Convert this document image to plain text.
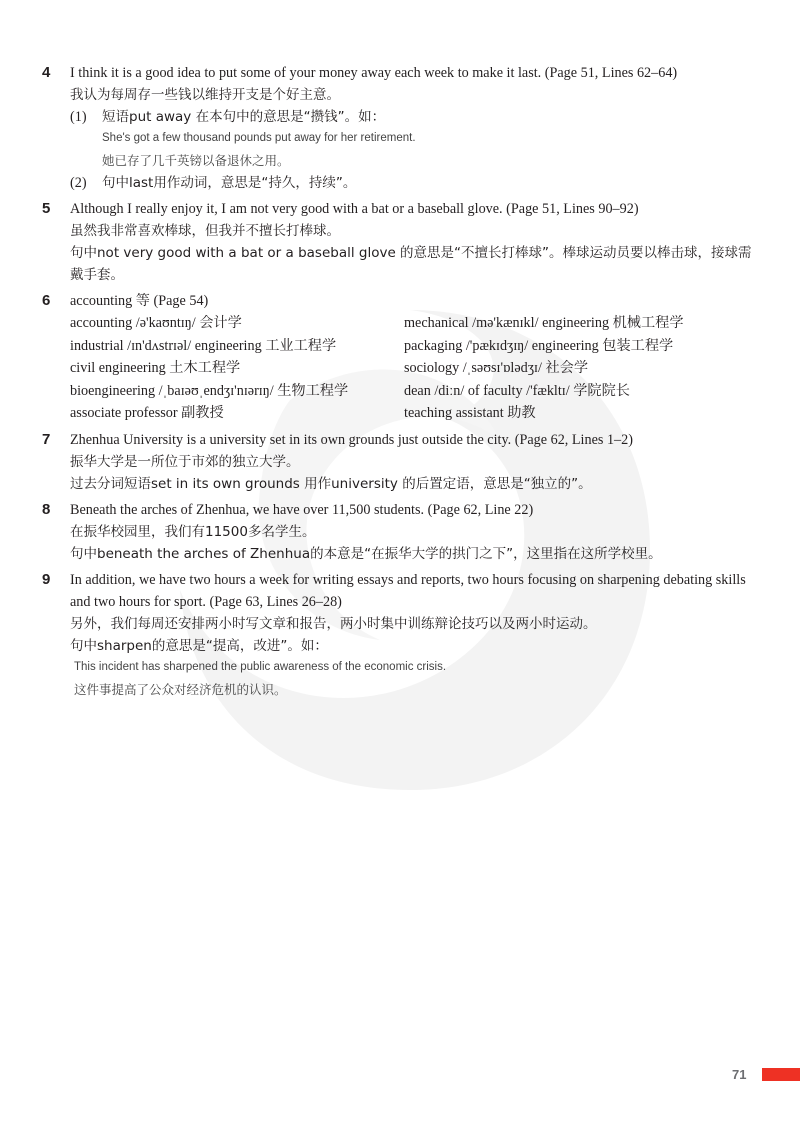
4 I think it is a good idea to put some of your money away each week to make it last. (Page 51, Lines 62–64)
我认为每周存一些钱以维持开支是个好主意。
(1) 短语put away 在本句中的意思是“攒钱”。如：
She's got a few thousand pounds put away for her retirement.
她已存了几千英镑以备退休之用。
(2) 句中last用作动词，意思是“持久，持续”。
5 Although I really enjoy it, I am not very good with a bat or a baseball glove. (Page 51, Lines 90–92)
虽然我非常喜欢棒球，但我并不擅长打棒球。
句中not very good with a bat or a baseball glove 的意思是“不擅长打棒球”。棒球运动员要以棒击球，接球需戴手套。
6 accounting 等 (Page 54)
accounting /ə'kaʊntɪŋ/ 会计学	mechanical /mə'kænɪkl/ engineering 机械工程学
industrial /ɪn'dʌstrɪəl/ engineering 工业工程学	packaging /'pækɪdʒɪŋ/ engineering 包装工程学
civil engineering 土木工程学	sociology /ˌsəʊsɪ'ɒlədʒɪ/ 社会学
bioengineering /ˌbaɪəʊˌendʒɪ'nɪərɪŋ/ 生物工程学	dean /diːn/ of faculty /'fækltɪ/ 学院院长
associate professor 副教授	teaching assistant 助教
7 Zhenhua University is a university set in its own grounds just outside the city. (Page 62, Lines 1–2)
振华大学是一所位于市郊的独立大学。
过去分词短语set in its own grounds 用作university 的后置定语，意思是“独立的”。
8 Beneath the arches of Zhenhua, we have over 11,500 students. (Page 62, Line 22)
在振华校园里，我们有11500多名学生。
句中beneath the arches of Zhenhua的本意是“在振华大学的拱门之下”，这里指在这所学校里。
9 In addition, we have two hours a week for writing essays and reports, two hours focusing on sharpening debating skills and two hours for sport. (Page 63, Lines 26–28)
另外，我们每周还安排两小时写文章和报告，两小时集中训练辩论技巧以及两小时运动。
句中sharpen的意思是“提高，改进”。如：
This incident has sharpened the public awareness of the economic crisis.
这件事提高了公众对经济危机的认识。
71
